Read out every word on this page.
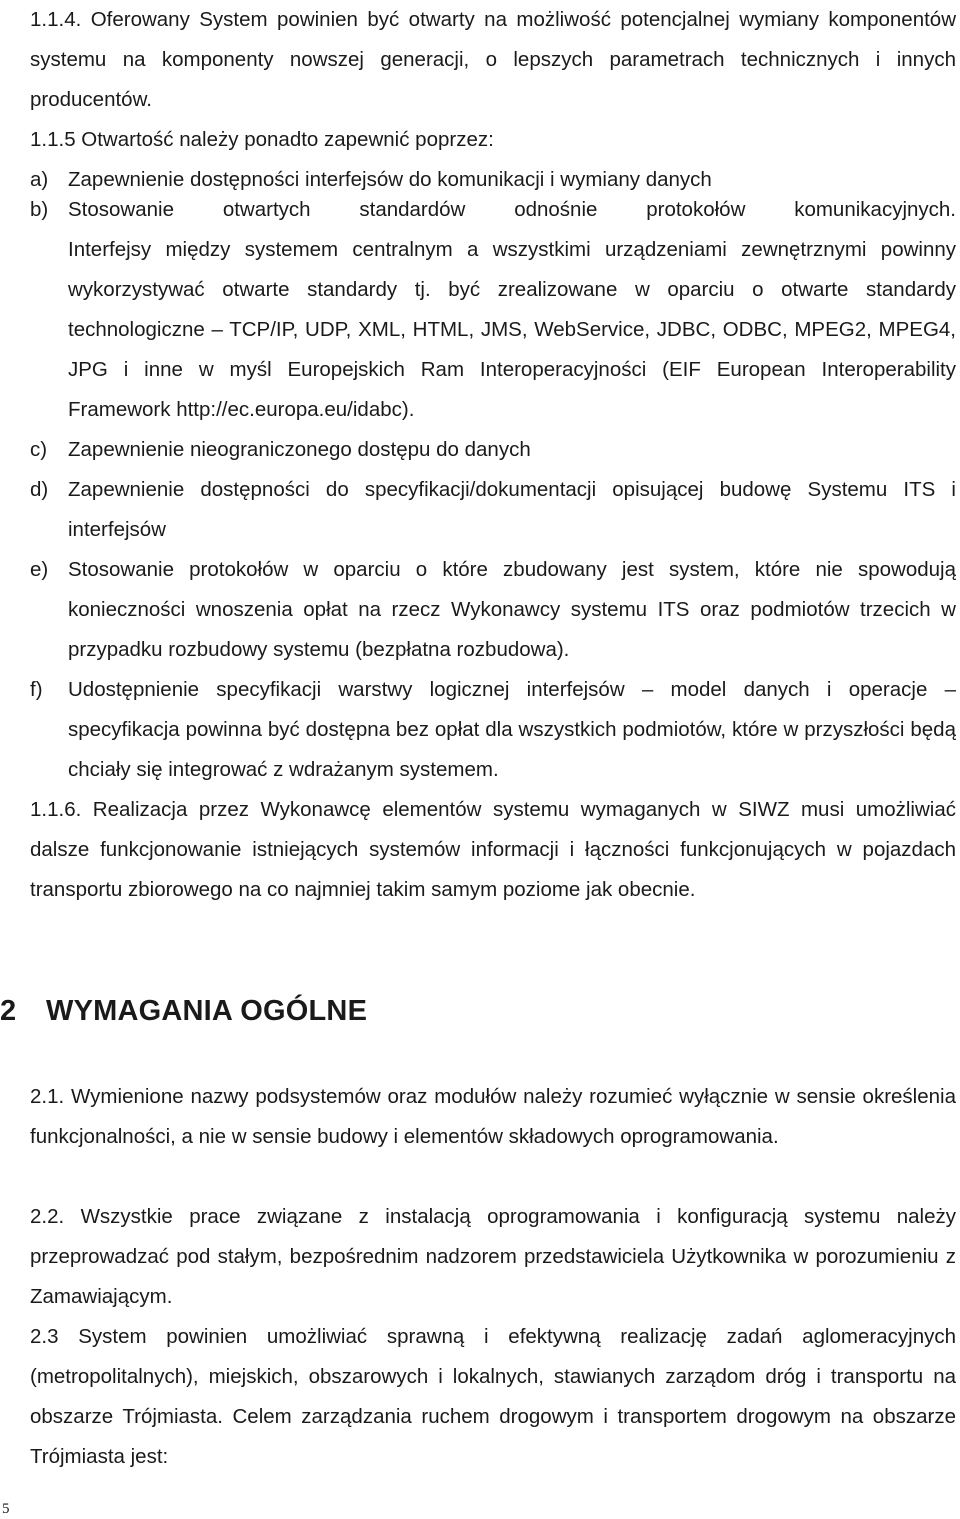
1.1.4. Oferowany System powinien być otwarty na możliwość potencjalnej wymiany komponentów systemu na komponenty nowszej generacji, o lepszych parametrach technicznych i innych producentów.

1.1.5 Otwartość należy ponadto zapewnić poprzez:

a) Zapewnienie dostępności interfejsów do komunikacji i wymiany danych
b) Stosowanie otwartych standardów odnośnie protokołów komunikacyjnych.

Interfejsy między systemem centralnym a wszystkimi urządzeniami zewnętrznymi powinny wykorzystywać otwarte standardy tj. być zrealizowane w oparciu o otwarte standardy technologiczne – TCP/IP, UDP, XML, HTML, JMS, WebService, JDBC, ODBC, MPEG2, MPEG4, JPG i inne w myśl Europejskich Ram Interoperacyjności (EIF European Interoperability Framework http://ec.europa.eu/idabc).

c)	Zapewnienie nieograniczonego dostępu do danych
d) Zapewnienie dostępności do specyfikacji/dokumentacji opisującej budowę Systemu ITS i interfejsów
e) Stosowanie protokołów w oparciu o które zbudowany jest system, które nie spowodują konieczności wnoszenia opłat na rzecz Wykonawcy systemu ITS oraz podmiotów trzecich w przypadku rozbudowy systemu (bezpłatna rozbudowa).
f)	Udostępnienie specyfikacji warstwy logicznej interfejsów – model danych i operacje – specyfikacja powinna być dostępna bez opłat dla wszystkich podmiotów, które w przyszłości będą chciały się integrować z wdrażanym systemem.

1.1.6. Realizacja przez Wykonawcę elementów systemu wymaganych w SIWZ musi umożliwiać dalsze funkcjonowanie istniejących systemów informacji i łączności funkcjonujących w pojazdach transportu zbiorowego na co najmniej takim samym poziome jak obecnie.

2 WYMAGANIA OGÓLNE

2.1. Wymienione nazwy podsystemów oraz modułów należy rozumieć wyłącznie w sensie określenia funkcjonalności, a nie w sensie budowy i elementów składowych oprogramowania.

2.2. Wszystkie prace związane z instalacją oprogramowania i konfiguracją systemu należy przeprowadzać pod stałym, bezpośrednim nadzorem przedstawiciela Użytkownika w porozumieniu z Zamawiającym.

2.3 System powinien umożliwiać sprawną i efektywną realizację zadań aglomeracyjnych (metropolitalnych), miejskich, obszarowych i lokalnych, stawianych zarządom dróg i transportu na obszarze Trójmiasta. Celem zarządzania ruchem drogowym i transportem drogowym na obszarze Trójmiasta jest:

5
